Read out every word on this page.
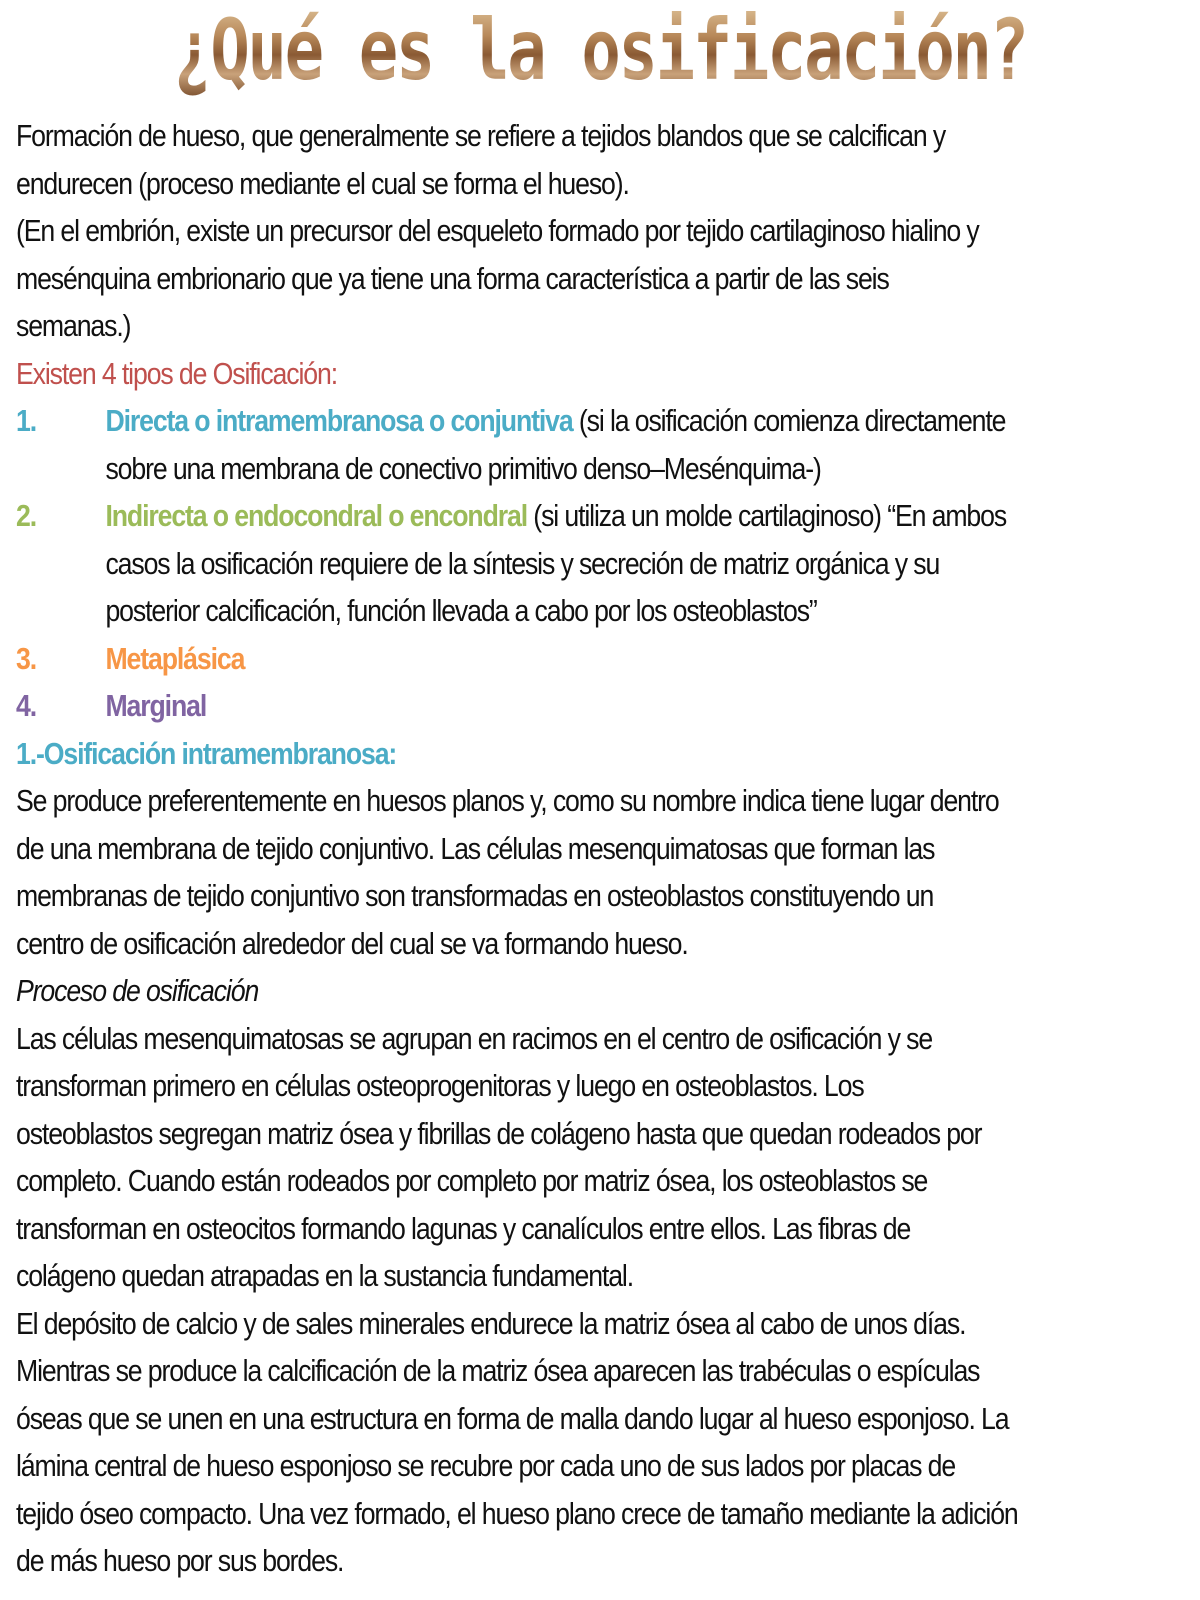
¿Qué es la osificación?
Formación de hueso, que generalmente se refiere a tejidos blandos que se calcifican y
endurecen (proceso mediante el cual se forma el hueso).
(En el embrión, existe un precursor del esqueleto formado por tejido cartilaginoso hialino y
mesénquina embrionario que ya tiene una forma característica a partir de las seis
semanas.)
Existen 4 tipos de Osificación:
1. Directa o intramembranosa o conjuntiva (si la osificación comienza directamente
sobre una membrana de conectivo primitivo denso–Mesénquima-)
2. Indirecta o endocondral o encondral (si utiliza un molde cartilaginoso) “En ambos
casos la osificación requiere de la síntesis y secreción de matriz orgánica y su
posterior calcificación, función llevada a cabo por los osteoblastos”
3. Metaplásica
4. Marginal
1.-Osificación intramembranosa:
Se produce preferentemente en huesos planos y, como su nombre indica tiene lugar dentro
de una membrana de tejido conjuntivo. Las células mesenquimatosas que forman las
membranas de tejido conjuntivo son transformadas en osteoblastos constituyendo un
centro de osificación alrededor del cual se va formando hueso.
Proceso de osificación
Las células mesenquimatosas se agrupan en racimos en el centro de osificación y se
transforman primero en células osteoprogenitoras y luego en osteoblastos. Los
osteoblastos segregan matriz ósea y fibrillas de colágeno hasta que quedan rodeados por
completo. Cuando están rodeados por completo por matriz ósea, los osteoblastos se
transforman en osteocitos formando lagunas y canalículos entre ellos. Las fibras de
colágeno quedan atrapadas en la sustancia fundamental.
El depósito de calcio y de sales minerales endurece la matriz ósea al cabo de unos días.
Mientras se produce la calcificación de la matriz ósea aparecen las trabéculas o espículas
óseas que se unen en una estructura en forma de malla dando lugar al hueso esponjoso. La
lámina central de hueso esponjoso se recubre por cada uno de sus lados por placas de
tejido óseo compacto. Una vez formado, el hueso plano crece de tamaño mediante la adición
de más hueso por sus bordes.
